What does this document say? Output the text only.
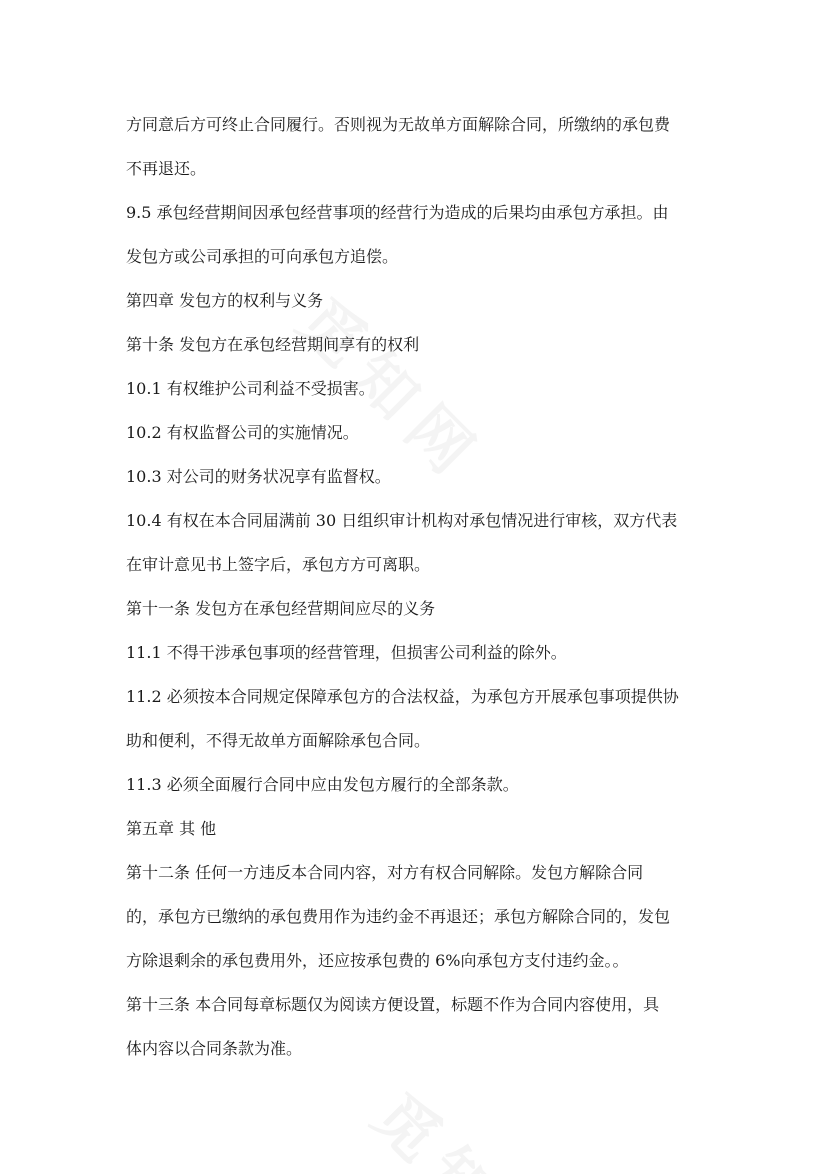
方同意后方可终止合同履行。否则视为无故单方面解除合同，所缴纳的承包费
不再退还。
9.5 承包经营期间因承包经营事项的经营行为造成的后果均由承包方承担。由
发包方或公司承担的可向承包方追偿。
第四章 发包方的权利与义务
第十条 发包方在承包经营期间享有的权利
10.1 有权维护公司利益不受损害。
10.2 有权监督公司的实施情况。
10.3 对公司的财务状况享有监督权。
10.4 有权在本合同届满前 30 日组织审计机构对承包情况进行审核，双方代表
在审计意见书上签字后，承包方方可离职。
第十一条 发包方在承包经营期间应尽的义务
11.1 不得干涉承包事项的经营管理，但损害公司利益的除外。
11.2 必须按本合同规定保障承包方的合法权益，为承包方开展承包事项提供协
助和便利，不得无故单方面解除承包合同。
11.3 必须全面履行合同中应由发包方履行的全部条款。
第五章 其 他
第十二条 任何一方违反本合同内容，对方有权合同解除。发包方解除合同
的，承包方已缴纳的承包费用作为违约金不再退还；承包方解除合同的，发包
方除退剩余的承包费用外，还应按承包费的 6%向承包方支付违约金。。
第十三条 本合同每章标题仅为阅读方便设置，标题不作为合同内容使用，具
体内容以合同条款为准。
